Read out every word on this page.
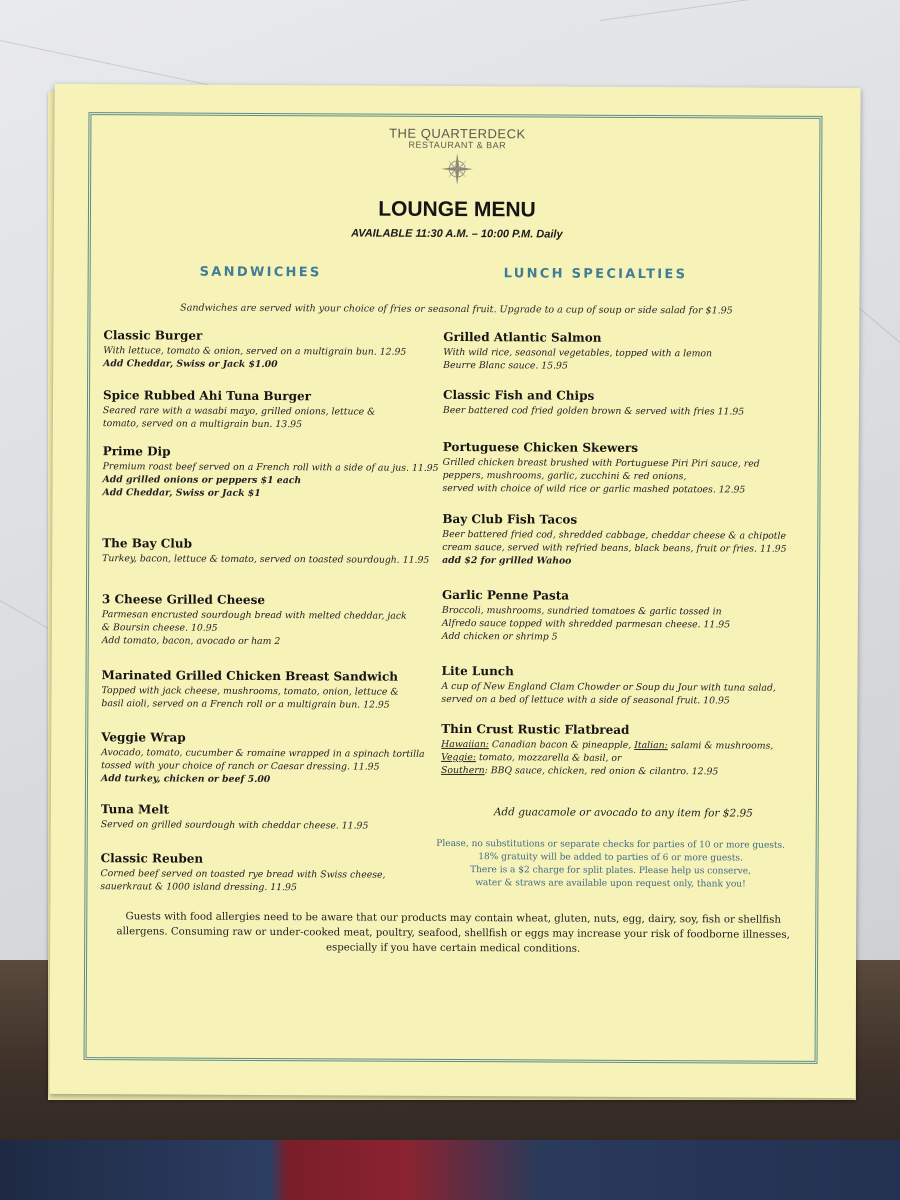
THE QUARTERDECK
RESTAURANT & BAR
LOUNGE MENU
AVAILABLE 11:30 A.M. – 10:00 P.M. Daily
SANDWICHES	LUNCH SPECIALTIES
Sandwiches are served with your choice of fries or seasonal fruit. Upgrade to a cup of soup or side salad for $1.95
Classic Burger
With lettuce, tomato & onion, served on a multigrain bun. 12.95
Add Cheddar, Swiss or Jack $1.00
Spice Rubbed Ahi Tuna Burger
Seared rare with a wasabi mayo, grilled onions, lettuce &
tomato, served on a multigrain bun. 13.95
Prime Dip
Premium roast beef served on a French roll with a side of au jus. 11.95
Add grilled onions or peppers $1 each
Add Cheddar, Swiss or Jack $1
The Bay Club
Turkey, bacon, lettuce & tomato, served on toasted sourdough. 11.95
3 Cheese Grilled Cheese
Parmesan encrusted sourdough bread with melted cheddar, jack
& Boursin cheese. 10.95
Add tomato, bacon, avocado or ham 2
Marinated Grilled Chicken Breast Sandwich
Topped with jack cheese, mushrooms, tomato, onion, lettuce &
basil aioli, served on a French roll or a multigrain bun. 12.95
Veggie Wrap
Avocado, tomato, cucumber & romaine wrapped in a spinach tortilla
tossed with your choice of ranch or Caesar dressing. 11.95
Add turkey, chicken or beef 5.00
Tuna Melt
Served on grilled sourdough with cheddar cheese. 11.95
Classic Reuben
Corned beef served on toasted rye bread with Swiss cheese,
sauerkraut & 1000 island dressing. 11.95
Grilled Atlantic Salmon
With wild rice, seasonal vegetables, topped with a lemon
Beurre Blanc sauce. 15.95
Classic Fish and Chips
Beer battered cod fried golden brown & served with fries 11.95
Portuguese Chicken Skewers
Grilled chicken breast brushed with Portuguese Piri Piri sauce, red
peppers, mushrooms, garlic, zucchini & red onions,
served with choice of wild rice or garlic mashed potatoes. 12.95
Bay Club Fish Tacos
Beer battered fried cod, shredded cabbage, cheddar cheese & a chipotle
cream sauce, served with refried beans, black beans, fruit or fries. 11.95
add $2 for grilled Wahoo
Garlic Penne Pasta
Broccoli, mushrooms, sundried tomatoes & garlic tossed in
Alfredo sauce topped with shredded parmesan cheese. 11.95
Add chicken or shrimp 5
Lite Lunch
A cup of New England Clam Chowder or Soup du Jour with tuna salad,
served on a bed of lettuce with a side of seasonal fruit. 10.95
Thin Crust Rustic Flatbread
Hawaiian: Canadian bacon & pineapple, Italian: salami & mushrooms,
Veggie: tomato, mozzarella & basil, or
Southern: BBQ sauce, chicken, red onion & cilantro. 12.95
Add guacamole or avocado to any item for $2.95
Please, no substitutions or separate checks for parties of 10 or more guests.
18% gratuity will be added to parties of 6 or more guests.
There is a $2 charge for split plates. Please help us conserve,
water & straws are available upon request only, thank you!
Guests with food allergies need to be aware that our products may contain wheat, gluten, nuts, egg, dairy, soy, fish or shellfish
allergens. Consuming raw or under-cooked meat, poultry, seafood, shellfish or eggs may increase your risk of foodborne illnesses,
especially if you have certain medical conditions.
